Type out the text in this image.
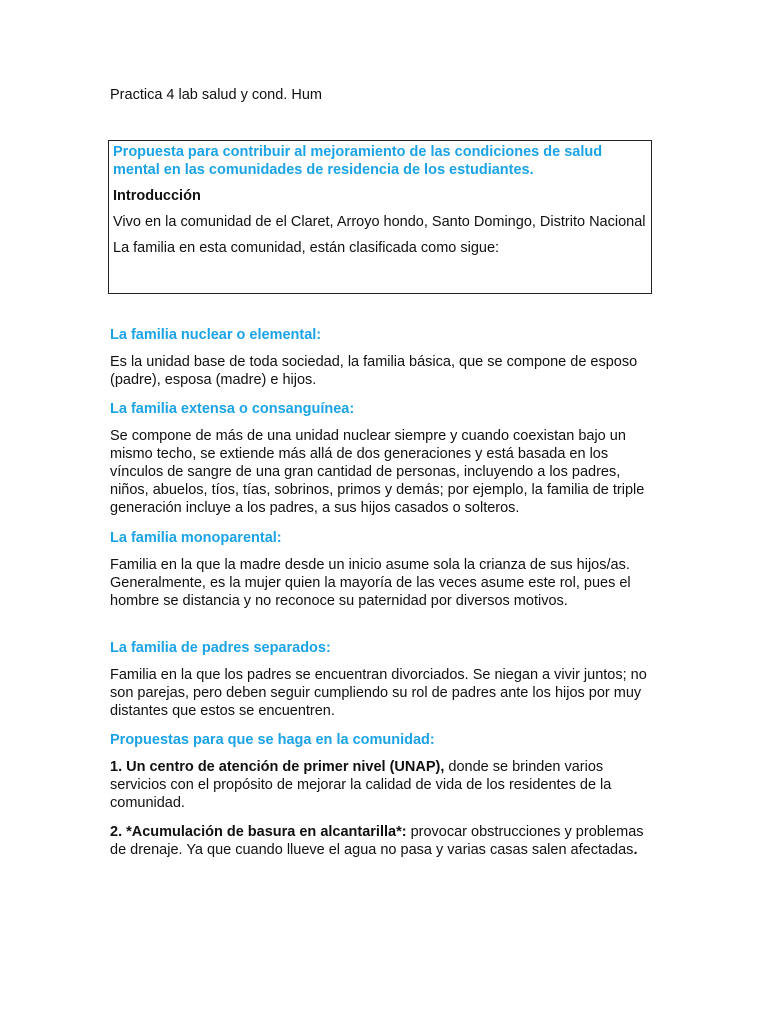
Practica 4 lab salud y cond. Hum

Propuesta para contribuir al mejoramiento de las condiciones de salud mental en las comunidades de residencia de los estudiantes.

Introducción

Vivo en la comunidad de el Claret, Arroyo hondo, Santo Domingo, Distrito Nacional

La familia en esta comunidad, están clasificada como sigue:

La familia nuclear o elemental:

Es la unidad base de toda sociedad, la familia básica, que se compone de esposo (padre), esposa (madre) e hijos.

La familia extensa o consanguínea:

Se compone de más de una unidad nuclear siempre y cuando coexistan bajo un mismo techo, se extiende más allá de dos generaciones y está basada en los vínculos de sangre de una gran cantidad de personas, incluyendo a los padres, niños, abuelos, tíos, tías, sobrinos, primos y demás; por ejemplo, la familia de triple generación incluye a los padres, a sus hijos casados o solteros.

La familia monoparental:

Familia en la que la madre desde un inicio asume sola la crianza de sus hijos/as. Generalmente, es la mujer quien la mayoría de las veces asume este rol, pues el hombre se distancia y no reconoce su paternidad por diversos motivos.

La familia de padres separados:

Familia en la que los padres se encuentran divorciados. Se niegan a vivir juntos; no son parejas, pero deben seguir cumpliendo su rol de padres ante los hijos por muy distantes que estos se encuentren.

Propuestas para que se haga en la comunidad:

1. Un centro de atención de primer nivel (UNAP), donde se brinden varios servicios con el propósito de mejorar la calidad de vida de los residentes de la comunidad.

2. *Acumulación de basura en alcantarilla*: provocar obstrucciones y problemas de drenaje. Ya que cuando llueve el agua no pasa y varias casas salen afectadas.
